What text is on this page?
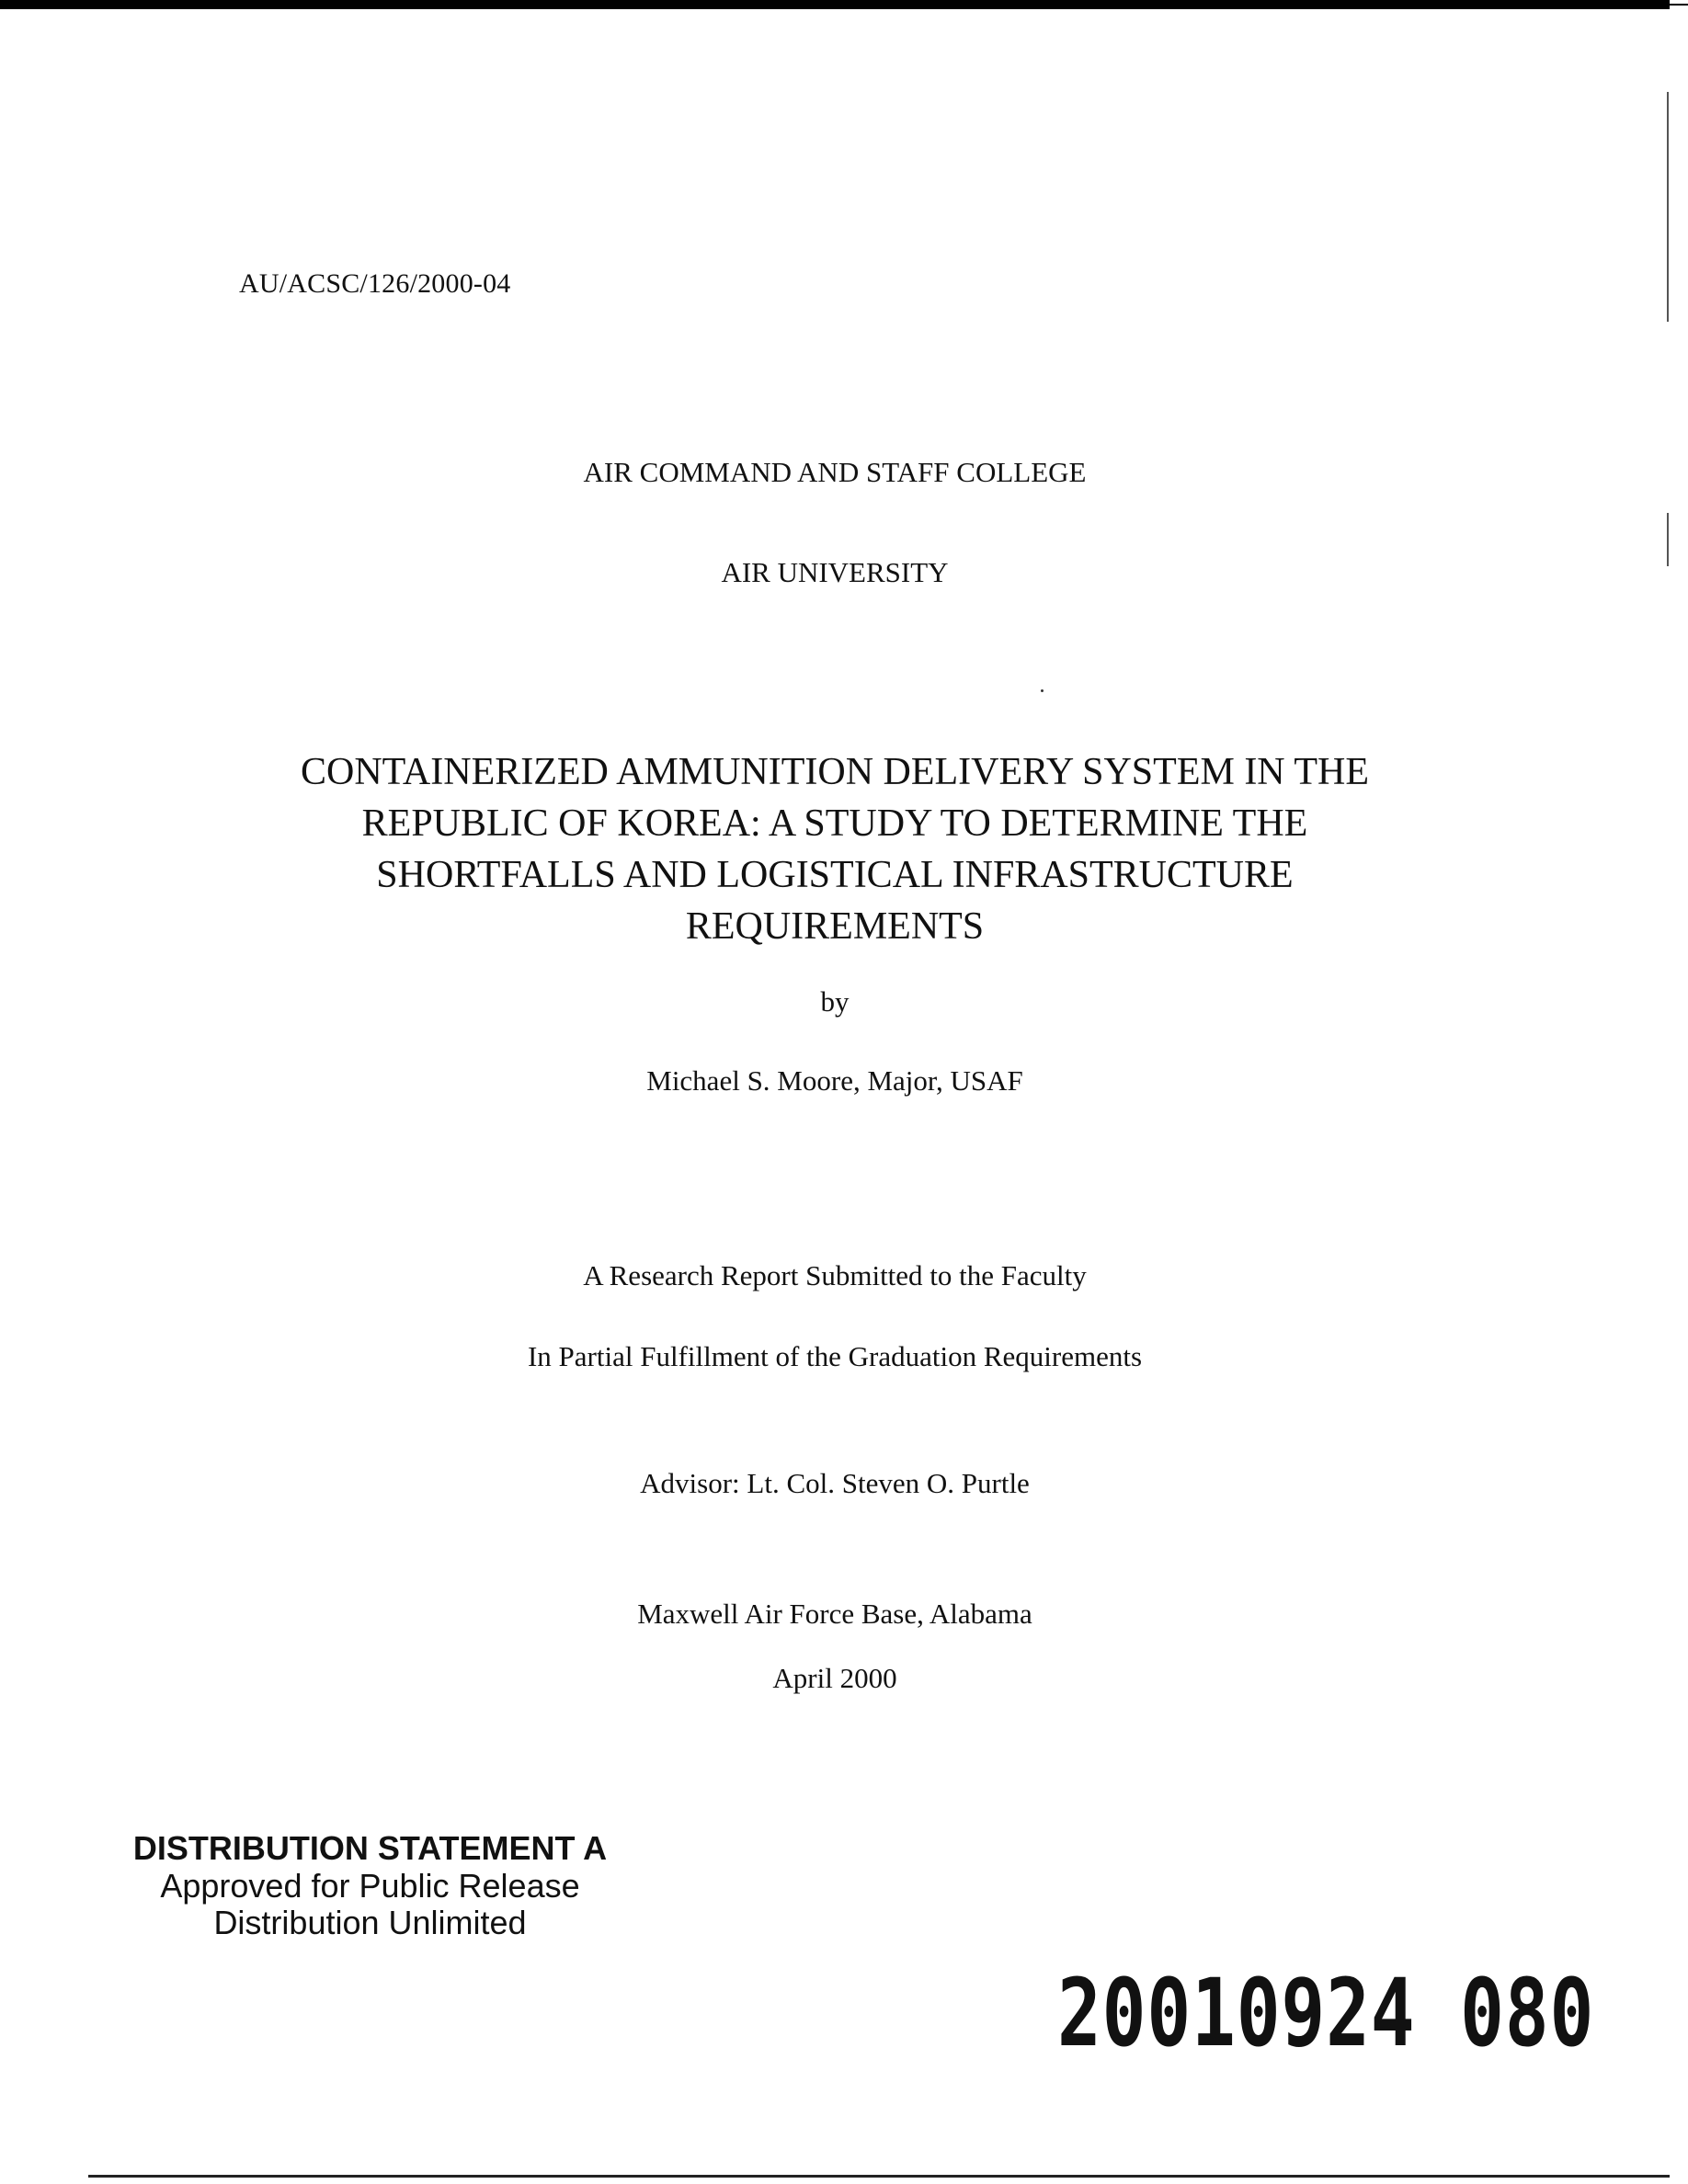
AU/ACSC/126/2000-04
AIR COMMAND AND STAFF COLLEGE
AIR UNIVERSITY
CONTAINERIZED AMMUNITION DELIVERY SYSTEM IN THE
REPUBLIC OF KOREA: A STUDY TO DETERMINE THE
SHORTFALLS AND LOGISTICAL INFRASTRUCTURE
REQUIREMENTS
by
Michael S. Moore, Major, USAF
A Research Report Submitted to the Faculty
In Partial Fulfillment of the Graduation Requirements
Advisor: Lt. Col. Steven O. Purtle
Maxwell Air Force Base, Alabama
April 2000
DISTRIBUTION STATEMENT A
Approved for Public Release
Distribution Unlimited
20010924 080
